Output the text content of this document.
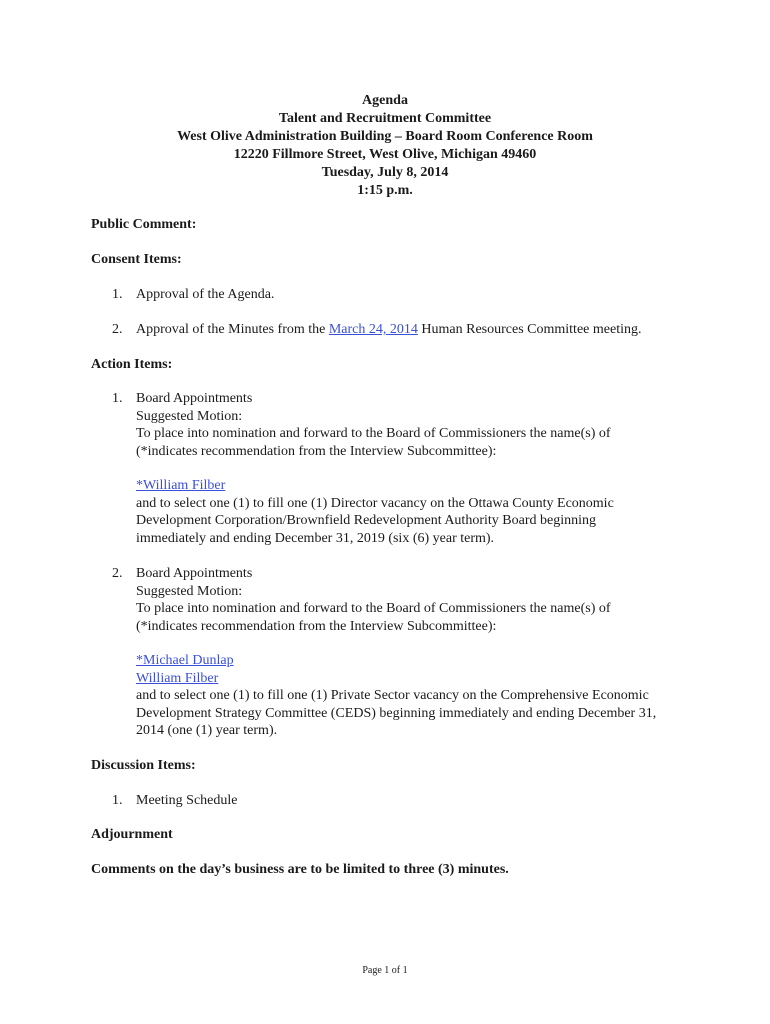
Agenda
Talent and Recruitment Committee
West Olive Administration Building – Board Room Conference Room
12220 Fillmore Street, West Olive, Michigan 49460
Tuesday, July 8, 2014
1:15 p.m.
Public Comment:
Consent Items:
1. Approval of the Agenda.
2. Approval of the Minutes from the March 24, 2014 Human Resources Committee meeting.
Action Items:
1. Board Appointments
Suggested Motion:
To place into nomination and forward to the Board of Commissioners the name(s) of
(*indicates recommendation from the Interview Subcommittee):
*William Filber
and to select one (1) to fill one (1) Director vacancy on the Ottawa County Economic
Development Corporation/Brownfield Redevelopment Authority Board beginning
immediately and ending December 31, 2019 (six (6) year term).
2. Board Appointments
Suggested Motion:
To place into nomination and forward to the Board of Commissioners the name(s) of
(*indicates recommendation from the Interview Subcommittee):
*Michael Dunlap
William Filber
and to select one (1) to fill one (1) Private Sector vacancy on the Comprehensive Economic
Development Strategy Committee (CEDS) beginning immediately and ending December 31,
2014 (one (1) year term).
Discussion Items:
1. Meeting Schedule
Adjournment
Comments on the day’s business are to be limited to three (3) minutes.
Page 1 of 1
